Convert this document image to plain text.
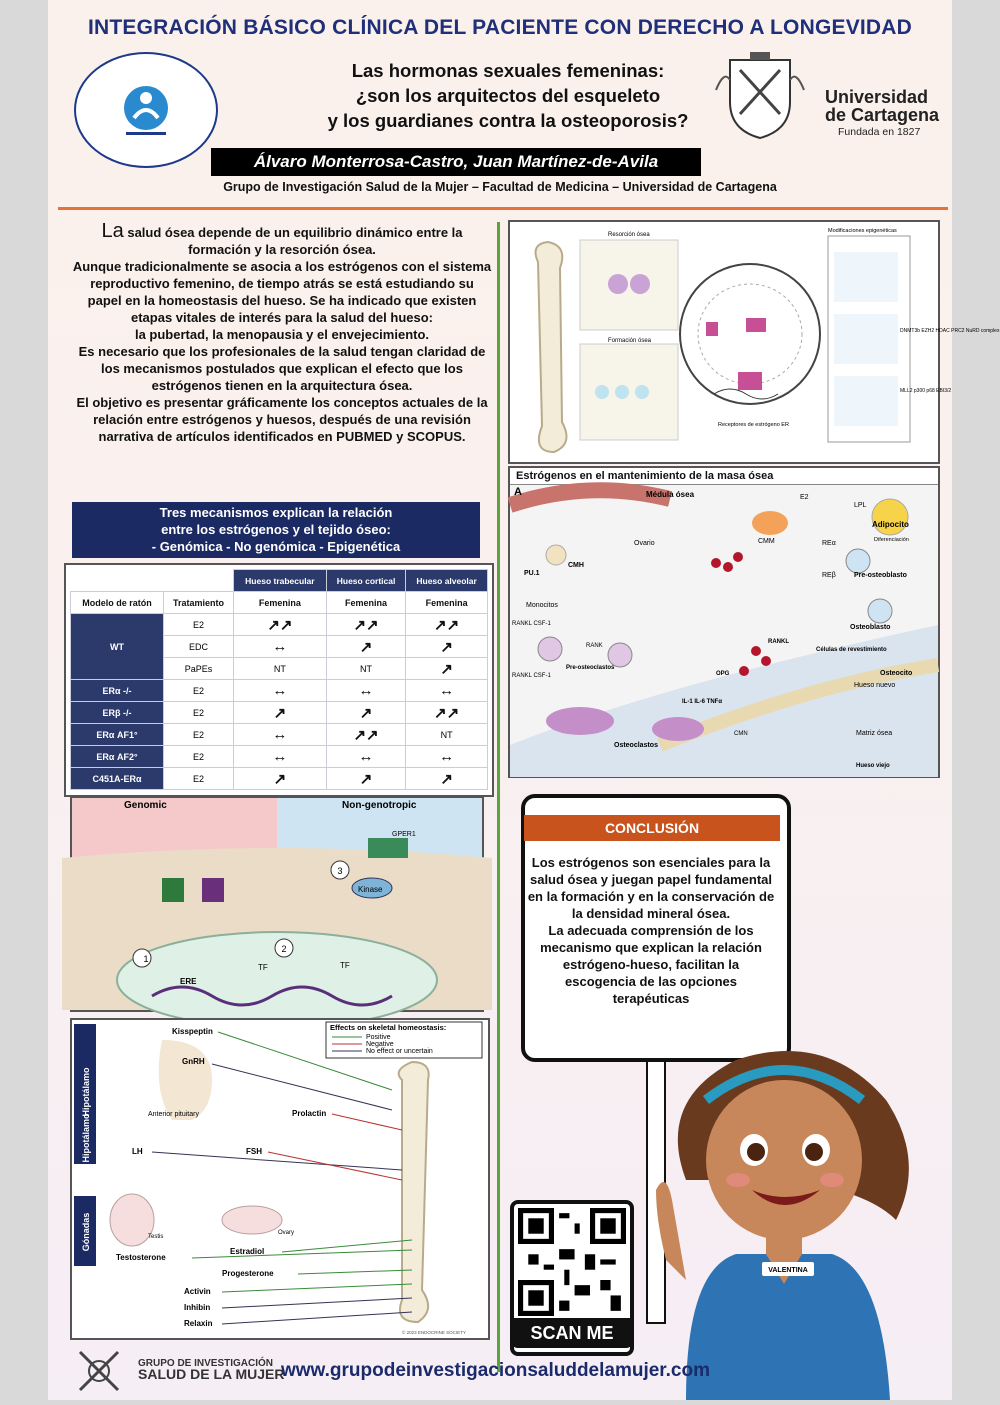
INTEGRACIÓN BÁSICO CLÍNICA DEL PACIENTE CON DERECHO A LONGEVIDAD
Las hormonas sexuales femeninas:
¿son los arquitectos del esqueleto
y los guardianes contra la osteoporosis?
Universidad
de Cartagena
Fundada en 1827
Álvaro Monterrosa-Castro, Juan Martínez-de-Avila
Grupo de Investigación Salud de la Mujer – Facultad de Medicina – Universidad de Cartagena
La salud ósea depende de un equilibrio dinámico entre la formación y la resorción ósea.
Aunque tradicionalmente se asocia a los estrógenos con el sistema reproductivo femenino, de tiempo atrás se está estudiando su papel en la homeostasis del hueso. Se ha indicado que existen etapas vitales de interés para la salud del hueso:
la pubertad, la menopausia y el envejecimiento.
Es necesario que los profesionales de la salud tengan claridad de los mecanismos postulados que explican el efecto que los estrógenos tienen en la arquitectura ósea.
El objetivo es presentar gráficamente los conceptos actuales de la relación entre estrógenos y huesos, después de una revisión narrativa de artículos identificados en PUBMED y SCOPUS.
Tres mecanismos explican la relación
entre los estrógenos y el tejido óseo:
- Genómica - No genómica - Epigenética
		Hueso trabecular	Hueso cortical	Hueso alveolar
Modelo de ratón	Tratamiento	Femenina	Femenina	Femenina
WT	E2	↗↗	↗↗	↗↗
	EDC	↔	↗	↗
	PaPEs	NT	NT	↗
ERα -/-	E2	↔	↔	↔
ERβ -/-	E2	↗	↗	↗↗
ERα AF1°	E2	↔	↗↗	NT
ERα AF2°	E2	↔	↔	↔
C451A-ERα	E2	↗	↗	↗
1
2
3
Genomic	Non-genotropic
GPER1
Kinase
ERE
TF	TF
Hipotálamo
Hipotálamo
Gónadas
Effects on skeletal homeostasis:
Positive
Negative
No effect or uncertain
Kisspeptin
GnRH
Anterior pituitary	Prolactin
LH	FSH
Testis
Ovary
Testosterone
Estradiol
Progesterone
Activin
Inhibin
Relaxin
© 2023 ENDOCRINE SOCIETY
Resorción ósea
Formación ósea
Modificaciones epigenéticas
Receptores de estrógeno ER
DNMT3b EZH2 HDAC PRC2 NuRD complex
MLL2 p300 p68 EBI3/2
Estrógenos en el mantenimiento de la masa ósea
A	Médula ósea	E2
LPL
Adipocito
Diferenciación
CMM
Ovario	REα
REβ	Pre-osteoblasto
CMH
PU.1
Monocitos
Osteoblasto
RANKL CSF-1
RANK
RANKL
Células de revestimiento
Pre-osteoclastos
Osteocito
OPG
Hueso nuevo
RANKL CSF-1
IL-1 IL-6 TNFα
Osteoclastos
CMN	Matriz ósea
Hueso viejo
CONCLUSIÓN
Los estrógenos son esenciales para la salud ósea y juegan papel fundamental en la formación y en la conservación de la densidad mineral ósea.
La adecuada comprensión de los mecanismo que explican la relación estrógeno-hueso, facilitan la escogencia de las opciones terapéuticas
VALENTINA
SCAN ME
GRUPO DE INVESTIGACIÓN
SALUD DE LA MUJER
www.grupodeinvestigacionsaluddelamujer.com
